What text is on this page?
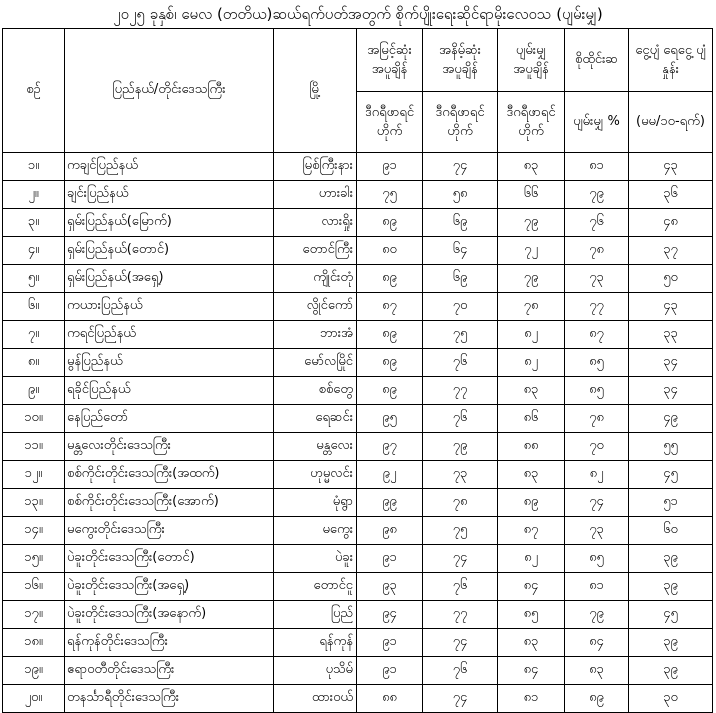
၂၀၂၅ ခုနှစ်၊ မေလ (တတိယ)ဆယ်ရက်ပတ်အတွက် စိုက်ပျိုးရေးဆိုင်ရာမိုးလေဝသ (ပျမ်းမျှ)
စဉ်	ပြည်နယ်/တိုင်းဒေသကြီး	မြို့	အမြင့်ဆုံး အပူချိန်	အနိမ့်ဆုံး အပူချိန်	ပျမ်းမျှ အပူချိန်	စိုထိုင်းဆ	ငွေ့ပျံ ရေငွေ့ ပျံနှုန်း
			ဒီဂရီဖာရင် ဟိုက်	ဒီဂရီဖာရင် ဟိုက်	ဒီဂရီဖာရင် ဟိုက်	ပျမ်းမျှ %	(မမ/၁၀-ရက်)
၁။	ကချင်ပြည်နယ်	မြစ်ကြီးနား	၉၁	၇၄	၈၃	၈၁	၄၃
၂။	ချင်းပြည်နယ်	ဟားခါး	၇၅	၅၈	၆၆	၇၉	၃၆
၃။	ရှမ်းပြည်နယ်(မြောက်)	လားရှိုး	၈၉	၆၉	၇၉	၇၆	၄၈
၄။	ရှမ်းပြည်နယ်(တောင်)	တောင်ကြီး	၈၀	၆၄	၇၂	၇၈	၃၇
၅။	ရှမ်းပြည်နယ်(အရှေ့)	ကျိုင်းတုံ	၈၉	၆၉	၇၉	၇၃	၅၀
၆။	ကယားပြည်နယ်	လွိုင်ကော်	၈၇	၇၀	၇၈	၇၇	၄၃
၇။	ကရင်ပြည်နယ်	ဘားအံ	၈၉	၇၅	၈၂	၈၇	၃၃
၈။	မွန်ပြည်နယ်	မော်လမြိုင်	၈၉	၇၆	၈၂	၈၅	၃၄
၉။	ရခိုင်ပြည်နယ်	စစ်တွေ	၈၉	၇၇	၈၃	၈၅	၃၄
၁၀။	နေပြည်တော်	ရေဆင်း	၉၅	၇၆	၈၆	၇၈	၄၉
၁၁။	မန္တလေးတိုင်းဒေသကြီး	မန္တလေး	၉၇	၇၉	၈၈	၇၀	၅၅
၁၂။	စစ်ကိုင်းတိုင်းဒေသကြီး(အထက်)	ဟုမ္မလင်း	၉၂	၇၃	၈၃	၈၂	၄၅
၁၃။	စစ်ကိုင်းတိုင်းဒေသကြီး(အောက်)	မုံရွာ	၉၉	၇၈	၈၉	၇၄	၅၁
၁၄။	မကွေးတိုင်းဒေသကြီး	မကွေး	၉၈	၇၅	၈၇	၇၃	၆၀
၁၅။	ပဲခူးတိုင်းဒေသကြီး(တောင်)	ပဲခူး	၉၁	၇၄	၈၂	၈၅	၃၉
၁၆။	ပဲခူးတိုင်းဒေသကြီး(အရှေ့)	တောင်ငူ	၉၃	၇၆	၈၄	၈၁	၃၉
၁၇။	ပဲခူးတိုင်းဒေသကြီး(အနောက်)	ပြည်	၉၄	၇၇	၈၅	၇၉	၄၅
၁၈။	ရန်ကုန်တိုင်းဒေသကြီး	ရန်ကုန်	၉၁	၇၄	၈၃	၈၄	၃၉
၁၉။	ဧရာဝတီတိုင်းဒေသကြီး	ပုသိမ်	၉၁	၇၆	၈၄	၈၃	၃၉
၂၀။	တနင်္သာရီတိုင်းဒေသကြီး	ထားဝယ်	၈၈	၇၄	၈၁	၈၉	၃၀
